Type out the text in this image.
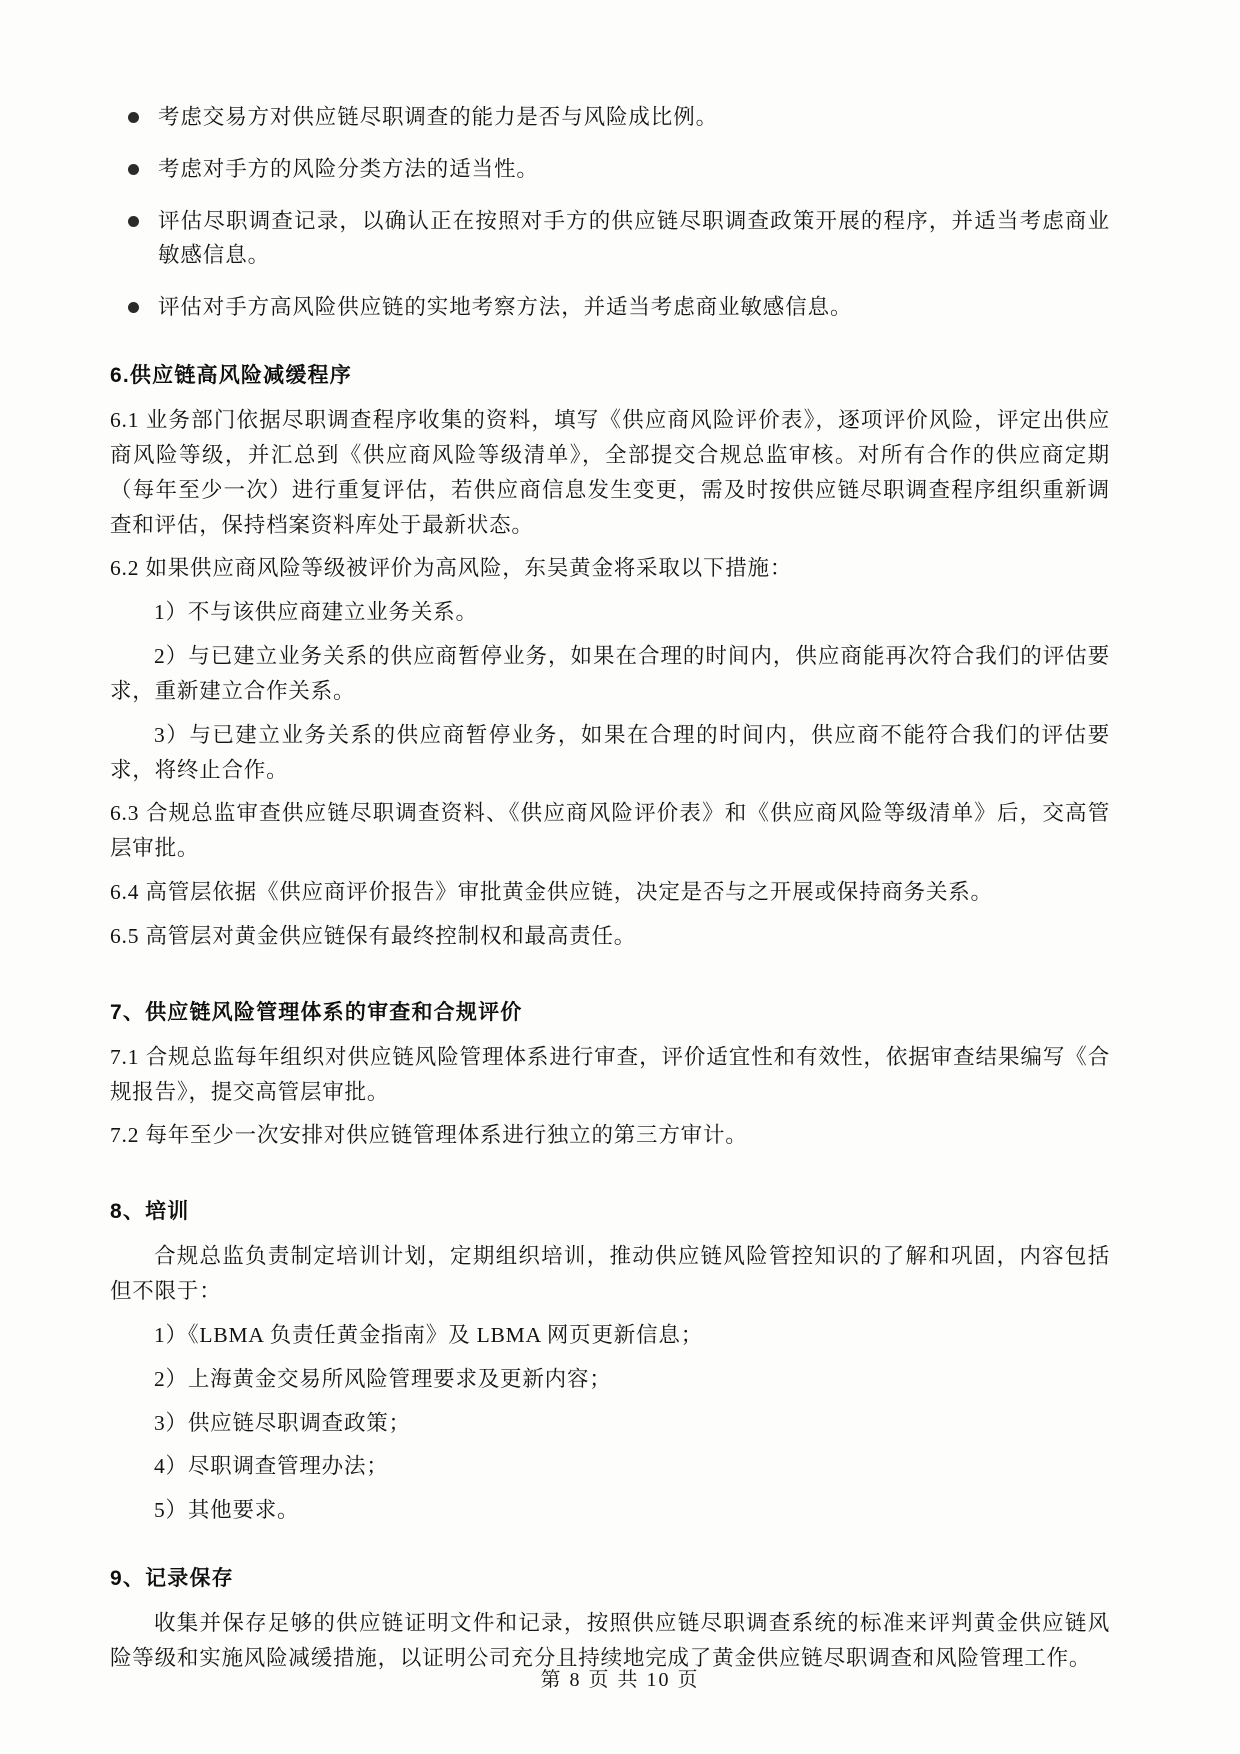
考虑交易方对供应链尽职调查的能力是否与风险成比例。
考虑对手方的风险分类方法的适当性。
评估尽职调查记录，以确认正在按照对手方的供应链尽职调查政策开展的程序，并适当考虑商业敏感信息。
评估对手方高风险供应链的实地考察方法，并适当考虑商业敏感信息。
6.供应链高风险减缓程序

6.1 业务部门依据尽职调查程序收集的资料，填写《供应商风险评价表》，逐项评价风险，评定出供应商风险等级，并汇总到《供应商风险等级清单》，全部提交合规总监审核。对所有合作的供应商定期（每年至少一次）进行重复评估，若供应商信息发生变更，需及时按供应链尽职调查程序组织重新调查和评估，保持档案资料库处于最新状态。

6.2 如果供应商风险等级被评价为高风险，东吴黄金将采取以下措施：

1）不与该供应商建立业务关系。

2）与已建立业务关系的供应商暂停业务，如果在合理的时间内，供应商能再次符合我们的评估要求，重新建立合作关系。

3）与已建立业务关系的供应商暂停业务，如果在合理的时间内，供应商不能符合我们的评估要求，将终止合作。

6.3 合规总监审查供应链尽职调查资料、《供应商风险评价表》和《供应商风险等级清单》后，交高管层审批。

6.4 高管层依据《供应商评价报告》审批黄金供应链，决定是否与之开展或保持商务关系。

6.5 高管层对黄金供应链保有最终控制权和最高责任。

7、供应链风险管理体系的审查和合规评价

7.1 合规总监每年组织对供应链风险管理体系进行审查，评价适宜性和有效性，依据审查结果编写《合规报告》，提交高管层审批。

7.2 每年至少一次安排对供应链管理体系进行独立的第三方审计。

8、培训

合规总监负责制定培训计划，定期组织培训，推动供应链风险管控知识的了解和巩固，内容包括但不限于：

1）《LBMA 负责任黄金指南》及 LBMA 网页更新信息；

2）上海黄金交易所风险管理要求及更新内容；

3）供应链尽职调查政策；

4）尽职调查管理办法；

5）其他要求。

9、记录保存

收集并保存足够的供应链证明文件和记录，按照供应链尽职调查系统的标准来评判黄金供应链风险等级和实施风险减缓措施，以证明公司充分且持续地完成了黄金供应链尽职调查和风险管理工作。

第 8 页 共 10 页
